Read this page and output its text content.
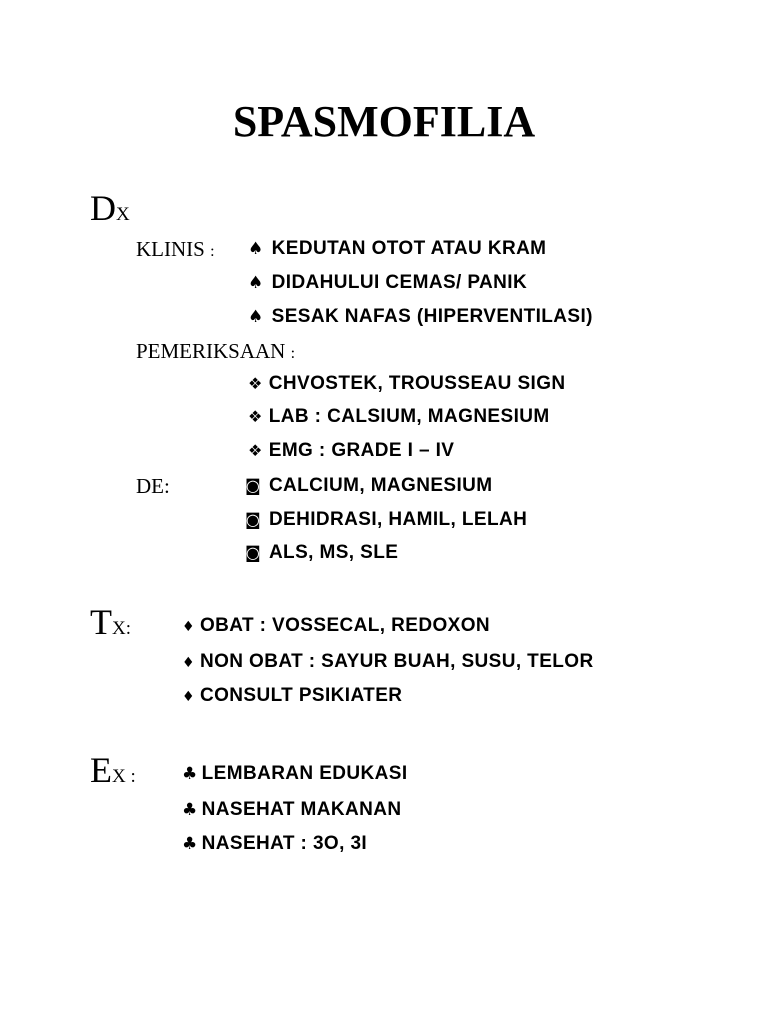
SPASMOFILIA
DX
KLINIS : ♠ KEDUTAN OTOT ATAU KRAM
♠ DIDAHULUI CEMAS/ PANIK
♠ SESAK NAFAS (HIPERVENTILASI)
PEMERIKSAAN :
❖ CHVOSTEK, TROUSSEAU SIGN
❖ LAB : CALSIUM, MAGNESIUM
❖ EMG : GRADE I – IV
DE:	◙ CALCIUM, MAGNESIUM
◙ DEHIDRASI, HAMIL, LELAH
◙ ALS, MS, SLE
TX:	♦ OBAT : VOSSECAL, REDOXON
♦ NON OBAT : SAYUR BUAH, SUSU, TELOR
♦ CONSULT PSIKIATER
EX :	♣ LEMBARAN EDUKASI
♣ NASEHAT MAKANAN
♣ NASEHAT : 3O, 3I
